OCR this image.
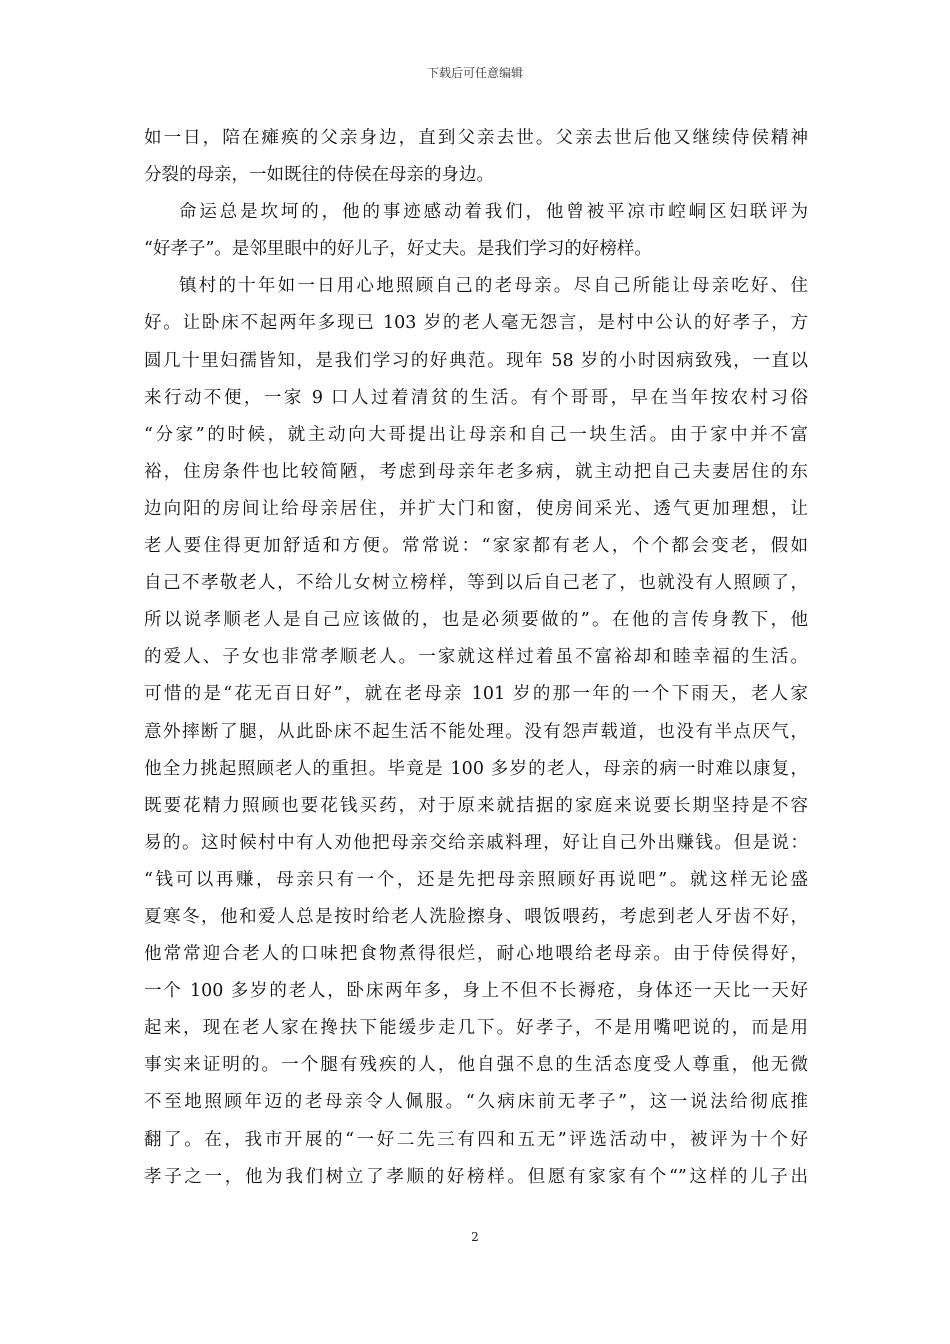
下载后可任意编辑
如一日，陪在瘫痪的父亲身边，直到父亲去世。父亲去世后他又继续侍侯精神
分裂的母亲，一如既往的侍侯在母亲的身边。
命运总是坎坷的，他的事迹感动着我们，他曾被平凉市崆峒区妇联评为
“好孝子”。是邻里眼中的好儿子，好丈夫。是我们学习的好榜样。
镇村的十年如一日用心地照顾自己的老母亲。尽自己所能让母亲吃好、住
好。让卧床不起两年多现已 103 岁的老人毫无怨言，是村中公认的好孝子，方
圆几十里妇孺皆知，是我们学习的好典范。现年 58 岁的小时因病致残，一直以
来行动不便，一家 9 口人过着清贫的生活。有个哥哥，早在当年按农村习俗
“分家”的时候，就主动向大哥提出让母亲和自己一块生活。由于家中并不富
裕，住房条件也比较简陋，考虑到母亲年老多病，就主动把自己夫妻居住的东
边向阳的房间让给母亲居住，并扩大门和窗，使房间采光、透气更加理想，让
老人要住得更加舒适和方便。常常说：“家家都有老人，个个都会变老，假如
自己不孝敬老人，不给儿女树立榜样，等到以后自己老了，也就没有人照顾了，
所以说孝顺老人是自己应该做的，也是必须要做的”。在他的言传身教下，他
的爱人、子女也非常孝顺老人。一家就这样过着虽不富裕却和睦幸福的生活。
可惜的是“花无百日好”，就在老母亲 101 岁的那一年的一个下雨天，老人家
意外摔断了腿，从此卧床不起生活不能处理。没有怨声载道，也没有半点厌气，
他全力挑起照顾老人的重担。毕竟是 100 多岁的老人，母亲的病一时难以康复，
既要花精力照顾也要花钱买药，对于原来就拮据的家庭来说要长期坚持是不容
易的。这时候村中有人劝他把母亲交给亲戚料理，好让自己外出赚钱。但是说：
“钱可以再赚，母亲只有一个，还是先把母亲照顾好再说吧”。就这样无论盛
夏寒冬，他和爱人总是按时给老人洗脸擦身、喂饭喂药，考虑到老人牙齿不好，
他常常迎合老人的口味把食物煮得很烂，耐心地喂给老母亲。由于侍侯得好，
一个 100 多岁的老人，卧床两年多，身上不但不长褥疮，身体还一天比一天好
起来，现在老人家在搀扶下能缓步走几下。好孝子，不是用嘴吧说的，而是用
事实来证明的。一个腿有残疾的人，他自强不息的生活态度受人尊重，他无微
不至地照顾年迈的老母亲令人佩服。“久病床前无孝子”，这一说法给彻底推
翻了。在，我市开展的“一好二先三有四和五无”评选活动中，被评为十个好
孝子之一，他为我们树立了孝顺的好榜样。但愿有家家有个“”这样的儿子出
2
